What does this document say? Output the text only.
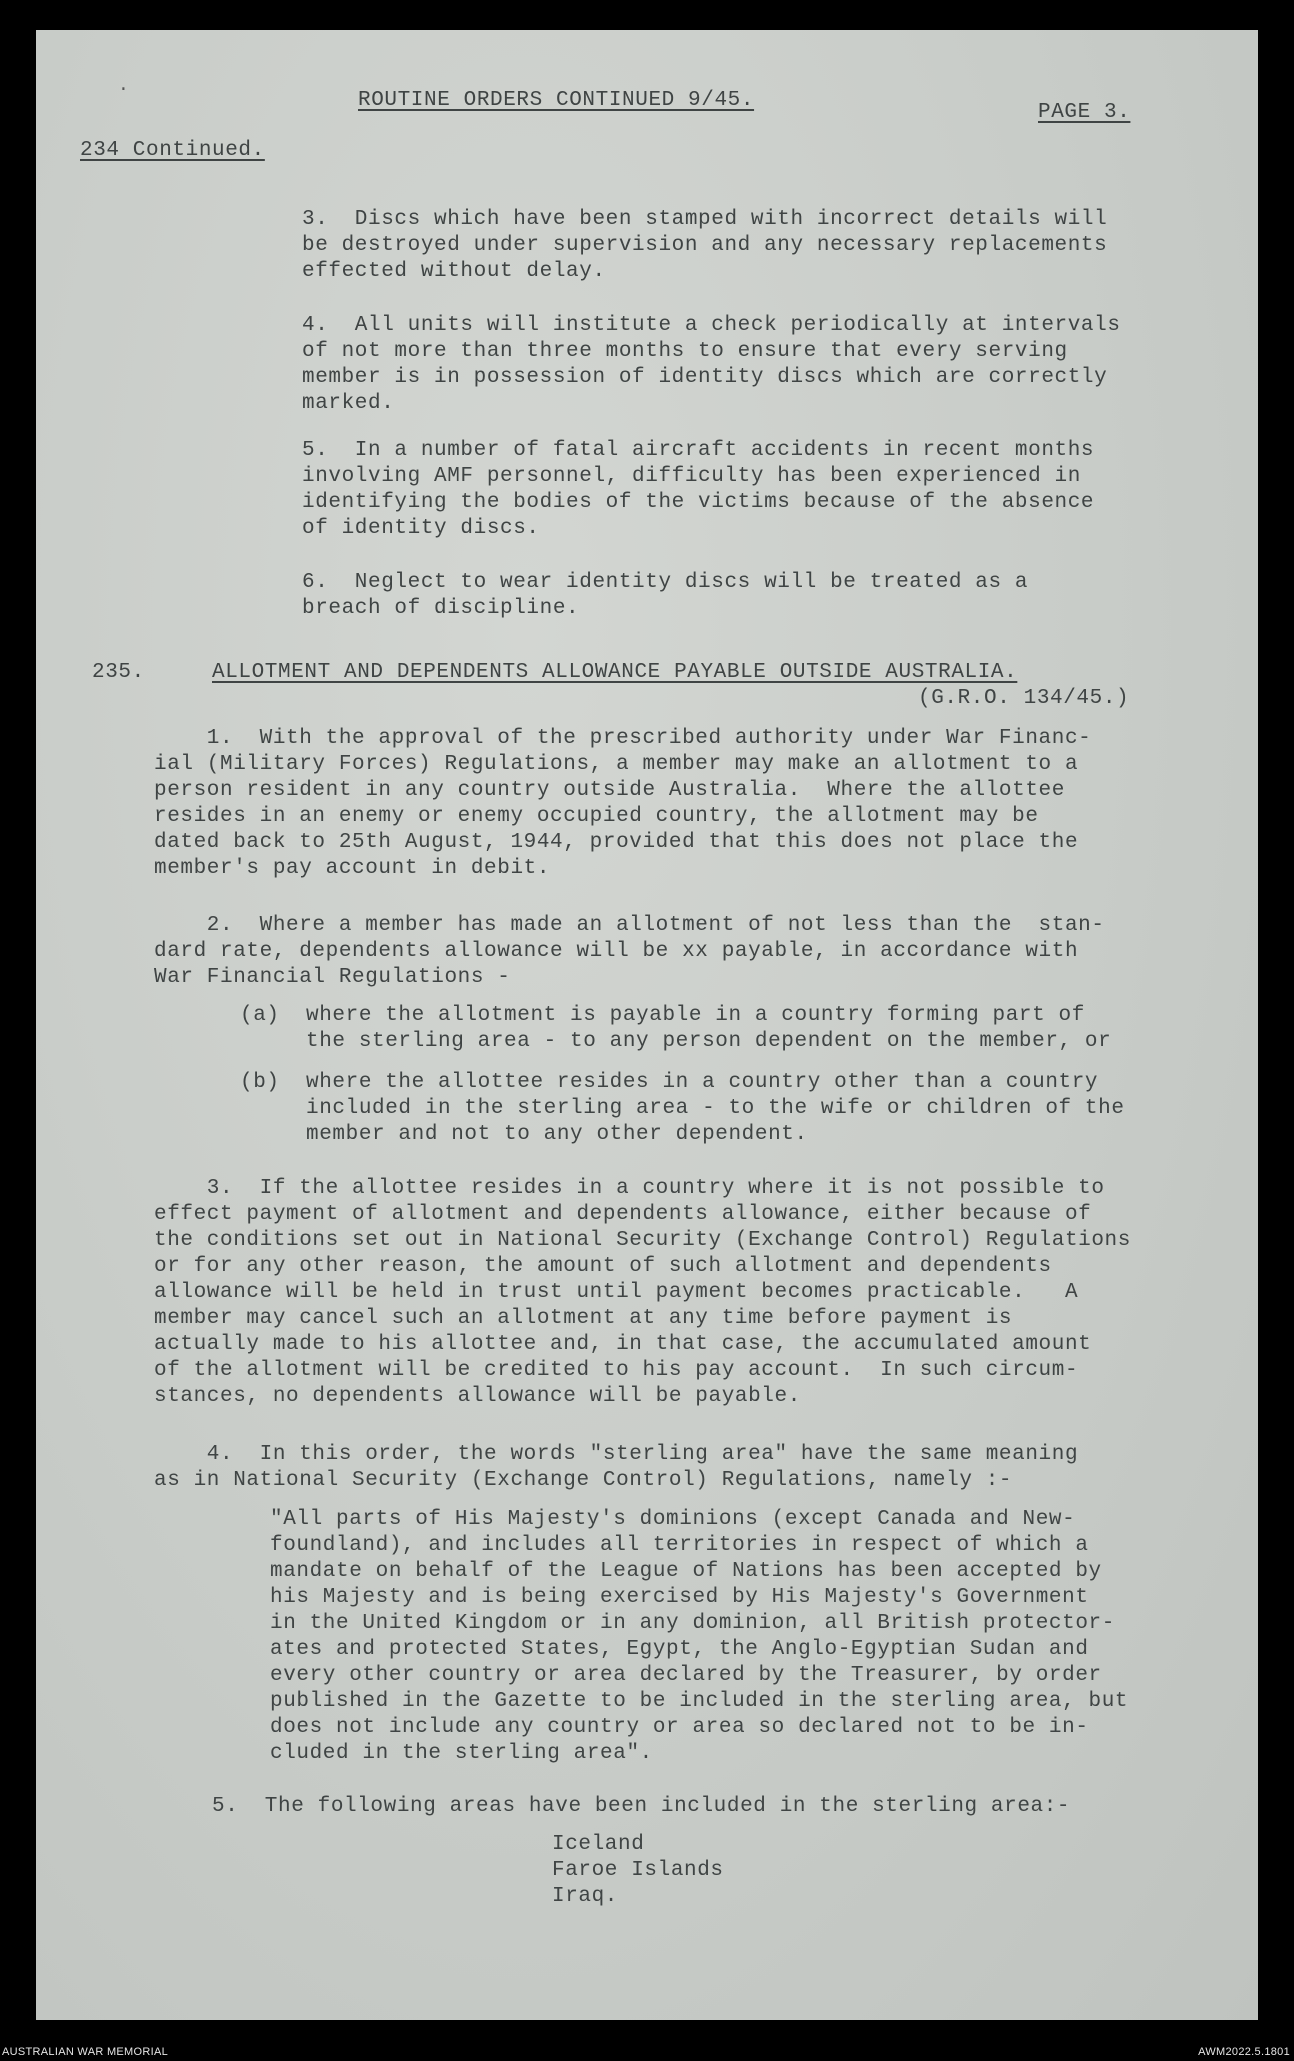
·	ROUTINE ORDERS CONTINUED 9/45.
PAGE 3.
234 Continued.
3.  Discs which have been stamped with incorrect details will
be destroyed under supervision and any necessary replacements
effected without delay.
4.  All units will institute a check periodically at intervals
of not more than three months to ensure that every serving
member is in possession of identity discs which are correctly
marked.
5.  In a number of fatal aircraft accidents in recent months
involving AMF personnel, difficulty has been experienced in
identifying the bodies of the victims because of the absence
of identity discs.
6.  Neglect to wear identity discs will be treated as a
breach of discipline.
235.	ALLOTMENT AND DEPENDENTS ALLOWANCE PAYABLE OUTSIDE AUSTRALIA.
(G.R.O. 134/45.)
1.  With the approval of the prescribed authority under War Financ-
ial (Military Forces) Regulations, a member may make an allotment to a
person resident in any country outside Australia.  Where the allottee
resides in an enemy or enemy occupied country, the allotment may be
dated back to 25th August, 1944, provided that this does not place the
member's pay account in debit.
2.  Where a member has made an allotment of not less than the  stan-
dard rate, dependents allowance will be xx payable, in accordance with
War Financial Regulations -
(a)  where the allotment is payable in a country forming part of
the sterling area - to any person dependent on the member, or
(b)  where the allottee resides in a country other than a country
included in the sterling area - to the wife or children of the
member and not to any other dependent.
3.  If the allottee resides in a country where it is not possible to
effect payment of allotment and dependents allowance, either because of
the conditions set out in National Security (Exchange Control) Regulations
or for any other reason, the amount of such allotment and dependents
allowance will be held in trust until payment becomes practicable.   A
member may cancel such an allotment at any time before payment is
actually made to his allottee and, in that case, the accumulated amount
of the allotment will be credited to his pay account.  In such circum-
stances, no dependents allowance will be payable.
4.  In this order, the words "sterling area" have the same meaning
as in National Security (Exchange Control) Regulations, namely :-
"All parts of His Majesty's dominions (except Canada and New-
foundland), and includes all territories in respect of which a
mandate on behalf of the League of Nations has been accepted by
his Majesty and is being exercised by His Majesty's Government
in the United Kingdom or in any dominion, all British protector-
ates and protected States, Egypt, the Anglo-Egyptian Sudan and
every other country or area declared by the Treasurer, by order
published in the Gazette to be included in the sterling area, but
does not include any country or area so declared not to be in-
cluded in the sterling area".
5.  The following areas have been included in the sterling area:-
Iceland
Faroe Islands
Iraq.
AUSTRALIAN WAR MEMORIAL	AWM2022.5.1801
